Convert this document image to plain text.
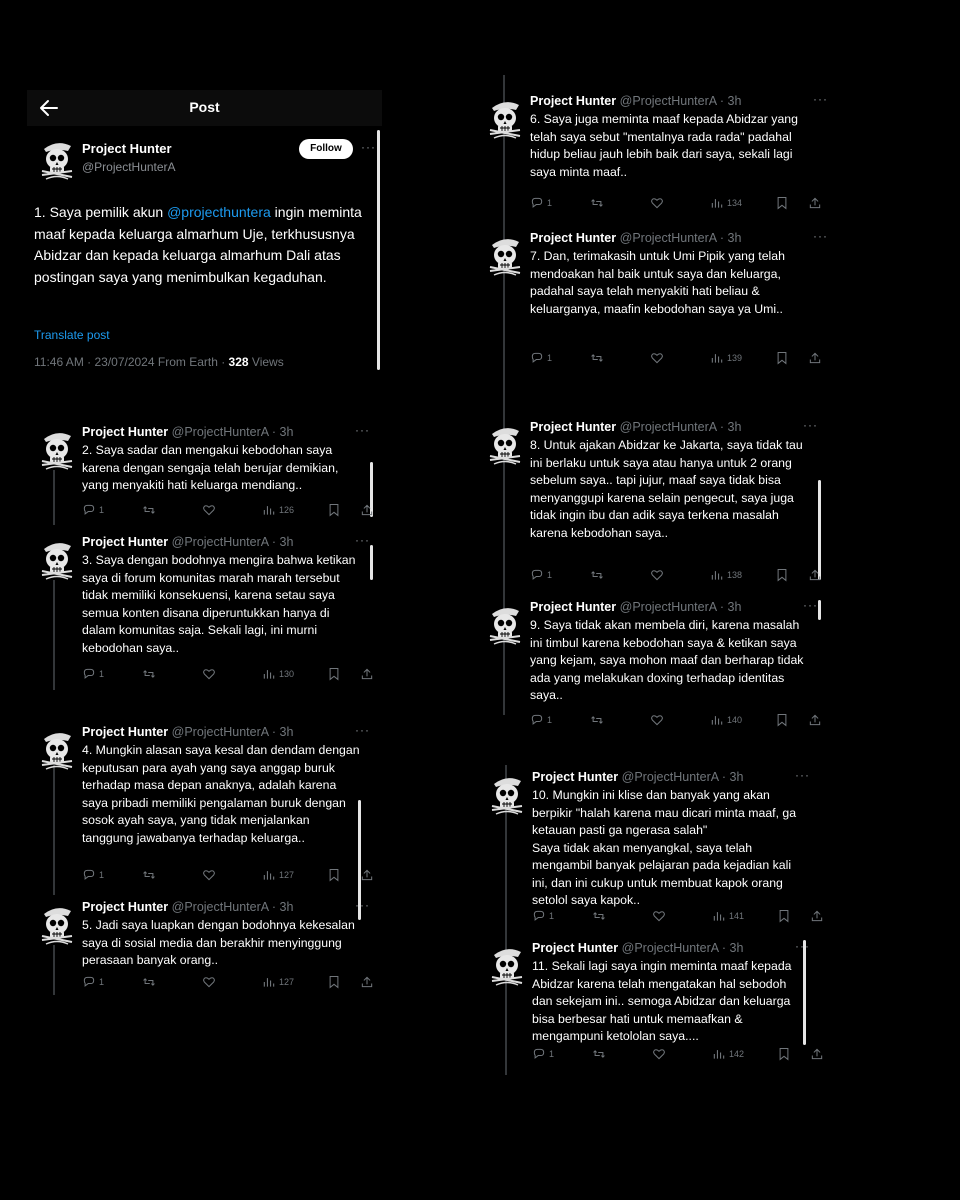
Post
Project Hunter
@ProjectHunterA
Follow	···
1. Saya pemilik akun @projecthuntera ingin meminta maaf kepada keluarga almarhum Uje, terkhususnya Abidzar dan kepada keluarga almarhum Dali atas postingan saya yang menimbulkan kegaduhan.
Translate post
11:46 AM · 23/07/2024 From Earth · 328 Views
Project Hunter @ProjectHunterA · 3h	···
2. Saya sadar dan mengakui kebodohan saya karena dengan sengaja telah berujar demikian, yang menyakiti hati keluarga mendiang..
1	126
Project Hunter @ProjectHunterA · 3h	···
3. Saya dengan bodohnya mengira bahwa ketikan saya di forum komunitas marah marah tersebut tidak memiliki konsekuensi, karena setau saya semua konten disana diperuntukkan hanya di dalam komunitas saja. Sekali lagi, ini murni kebodohan saya..
1	130
Project Hunter @ProjectHunterA · 3h	···
4. Mungkin alasan saya kesal dan dendam dengan keputusan para ayah yang saya anggap buruk terhadap masa depan anaknya, adalah karena saya pribadi memiliki pengalaman buruk dengan sosok ayah saya, yang tidak menjalankan tanggung jawabanya terhadap keluarga..
1	127
Project Hunter @ProjectHunterA · 3h	···
5. Jadi saya luapkan dengan bodohnya kekesalan saya di sosial media dan berakhir menyinggung perasaan banyak orang..
1	127
Project Hunter @ProjectHunterA · 3h	···
6. Saya juga meminta maaf kepada Abidzar yang telah saya sebut "mentalnya rada rada" padahal hidup beliau jauh lebih baik dari saya, sekali lagi saya minta maaf..
1	134
Project Hunter @ProjectHunterA · 3h	···
7. Dan, terimakasih untuk Umi Pipik yang telah mendoakan hal baik untuk saya dan keluarga, padahal saya telah menyakiti hati beliau & keluarganya, maafin kebodohan saya ya Umi..
1	139
Project Hunter @ProjectHunterA · 3h	···
8. Untuk ajakan Abidzar ke Jakarta, saya tidak tau ini berlaku untuk saya atau hanya untuk 2 orang sebelum saya.. tapi jujur, maaf saya tidak bisa menyanggupi karena selain pengecut, saya juga tidak ingin ibu dan adik saya terkena masalah karena kebodohan saya..
1	138
Project Hunter @ProjectHunterA · 3h	···
9. Saya tidak akan membela diri, karena masalah ini timbul karena kebodohan saya & ketikan saya yang kejam, saya mohon maaf dan berharap tidak ada yang melakukan doxing terhadap identitas saya..
1	140
Project Hunter @ProjectHunterA · 3h	···
10. Mungkin ini klise dan banyak yang akan berpikir "halah karena mau dicari minta maaf, ga ketauan pasti ga ngerasa salah"
Saya tidak akan menyangkal, saya telah mengambil banyak pelajaran pada kejadian kali ini, dan ini cukup untuk membuat kapok orang setolol saya kapok..
1	141
Project Hunter @ProjectHunterA · 3h	···
11. Sekali lagi saya ingin meminta maaf kepada Abidzar karena telah mengatakan hal sebodoh dan sekejam ini.. semoga Abidzar dan keluarga bisa berbesar hati untuk memaafkan & mengampuni ketololan saya....
1	142
